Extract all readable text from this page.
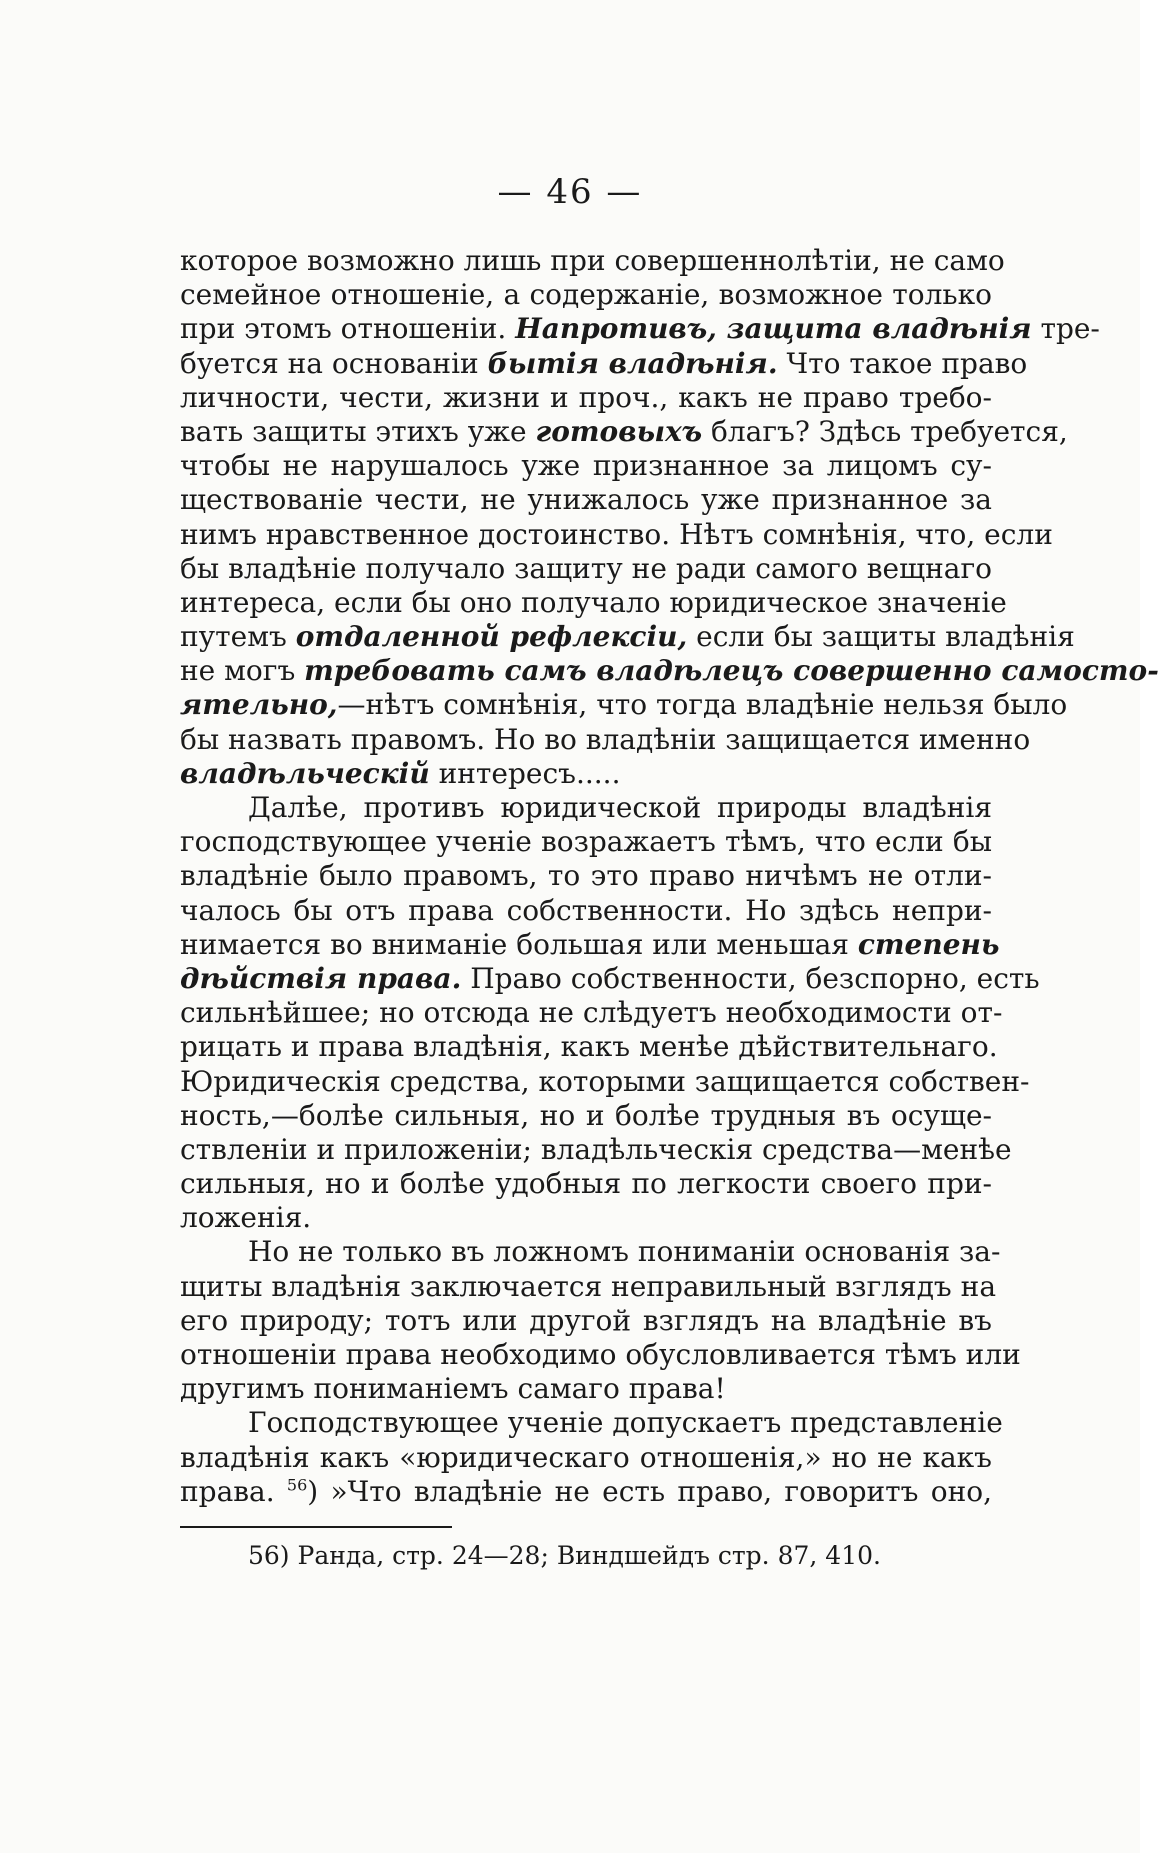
— 46 —
которое возможно лишь при совершеннолѣтіи, не само
семейное отношеніе, а содержаніе, возможное только
при этомъ отношеніи. Напротивъ, защита владѣнія тре-
буется на основаніи бытія владѣнія. Что такое право
личности, чести, жизни и проч., какъ не право требо-
вать защиты этихъ уже готовыхъ благъ? Здѣсь требуется,
чтобы не нарушалось уже признанное за лицомъ су-
ществованіе чести, не унижалось уже признанное за
нимъ нравственное достоинство. Нѣтъ сомнѣнія, что, если
бы владѣніе получало защиту не ради самого вещнаго
интереса, если бы оно получало юридическое значеніе
путемъ отдаленной рефлексіи, если бы защиты владѣнія
не могъ требовать самъ владѣлецъ совершенно самосто-
ятельно,—нѣтъ сомнѣнія, что тогда владѣніе нельзя было
бы назвать правомъ. Но во владѣніи защищается именно
владѣльческій интересъ.....
Далѣе, противъ юридической природы владѣнія
господствующее ученіе возражаетъ тѣмъ, что если бы
владѣніе было правомъ, то это право ничѣмъ не отли-
чалось бы отъ права собственности. Но здѣсь непри-
нимается во вниманіе большая или меньшая степень
дѣйствія права. Право собственности, безспорно, есть
сильнѣйшее; но отсюда не слѣдуетъ необходимости от-
рицать и права владѣнія, какъ менѣе дѣйствительнаго.
Юридическія средства, которыми защищается собствен-
ность,—болѣе сильныя, но и болѣе трудныя въ осуще-
ствленіи и приложеніи; владѣльческія средства—менѣе
сильныя, но и болѣе удобныя по легкости своего при-
ложенія.
Но не только въ ложномъ пониманіи основанія за-
щиты владѣнія заключается неправильный взглядъ на
его природу; тотъ или другой взглядъ на владѣніе въ
отношеніи права необходимо обусловливается тѣмъ или
другимъ пониманіемъ самаго права!
Господствующее ученіе допускаетъ представленіе
владѣнія какъ «юридическаго отношенія,» но не какъ
права. $^{56}$) »Что владѣніе не есть право, говоритъ оно,
56) Ранда, стр. 24—28; Виндшейдъ стр. 87, 410.
